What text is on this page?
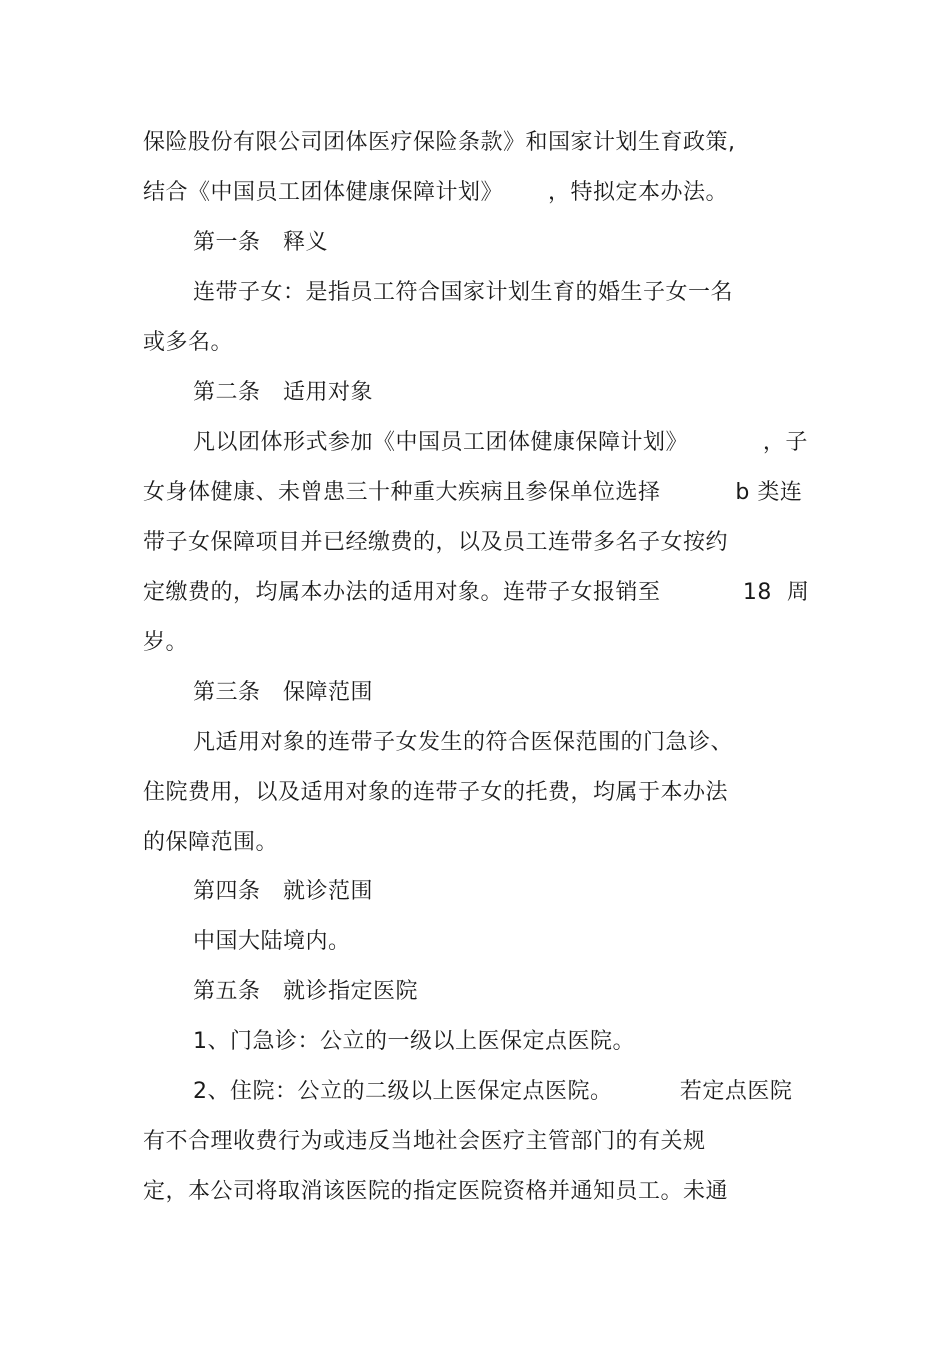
保险股份有限公司团体医疗保险条款》和国家计划生育政策,
结合《中国员工团体健康保障计划》      ，特拟定本办法。
第一条   释义
连带子女：是指员工符合国家计划生育的婚生子女一名
或多名。
第二条   适用对象
凡以团体形式参加《中国员工团体健康保障计划》          ，子
女身体健康、未曾患三十种重大疾病且参保单位选择          b 类连
带子女保障项目并已经缴费的，以及员工连带多名子女按约
定缴费的，均属本办法的适用对象。连带子女报销至           18  周
岁。
第三条   保障范围
凡适用对象的连带子女发生的符合医保范围的门急诊、
住院费用，以及适用对象的连带子女的托费，均属于本办法
的保障范围。
第四条   就诊范围
中国大陆境内。
第五条   就诊指定医院
1、门急诊：公立的一级以上医保定点医院。
2、住院：公立的二级以上医保定点医院。         若定点医院
有不合理收费行为或违反当地社会医疗主管部门的有关规
定，本公司将取消该医院的指定医院资格并通知员工。未通
